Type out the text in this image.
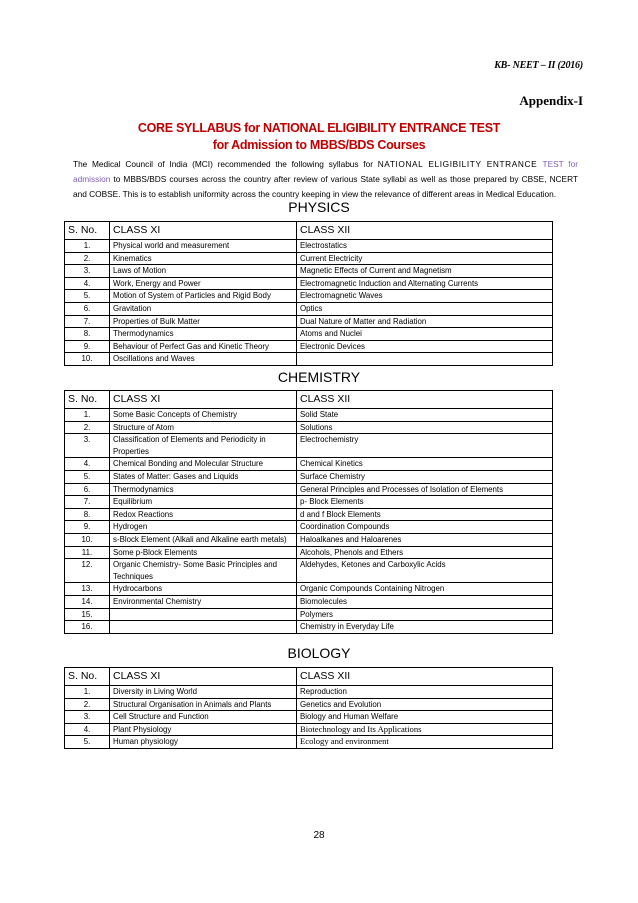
KB- NEET – II (2016)
Appendix-I
CORE SYLLABUS for NATIONAL ELIGIBILITY ENTRANCE TEST
for Admission to MBBS/BDS Courses
The Medical Council of India (MCI) recommended the following syllabus for NATIONAL ELIGIBILITY ENTRANCE TEST for admission to MBBS/BDS courses across the country after review of various State syllabi as well as those prepared by CBSE, NCERT and COBSE. This is to establish uniformity across the country keeping in view the relevance of different areas in Medical Education.
PHYSICS
S. No.	CLASS XI	CLASS XII
1.	Physical world and measurement	Electrostatics
2.	Kinematics	Current Electricity
3.	Laws of Motion	Magnetic Effects of Current and Magnetism
4.	Work, Energy and Power	Electromagnetic Induction and Alternating Currents
5.	Motion of System of Particles and Rigid Body	Electromagnetic Waves
6.	Gravitation	Optics
7.	Properties of Bulk Matter	Dual Nature of Matter and Radiation
8.	Thermodynamics	Atoms and Nuclei
9.	Behaviour of Perfect Gas and Kinetic Theory	Electronic Devices
10.	Oscillations and Waves	
CHEMISTRY
S. No.	CLASS XI	CLASS XII
1.	Some Basic Concepts of Chemistry	Solid State
2.	Structure of Atom	Solutions
3.	Classification of Elements and Periodicity in Properties	Electrochemistry
4.	Chemical Bonding and Molecular Structure	Chemical Kinetics
5.	States of Matter: Gases and Liquids	Surface Chemistry
6.	Thermodynamics	General Principles and Processes of Isolation of Elements
7.	Equilibrium	p- Block Elements
8.	Redox Reactions	d and f Block Elements
9.	Hydrogen	Coordination Compounds
10.	s-Block Element (Alkali and Alkaline earth metals)	Haloalkanes and Haloarenes
11.	Some p-Block Elements	Alcohols, Phenols and Ethers
12.	Organic Chemistry- Some Basic Principles and Techniques	Aldehydes, Ketones and Carboxylic Acids
13.	Hydrocarbons	Organic Compounds Containing Nitrogen
14.	Environmental Chemistry	Biomolecules
15.		Polymers
16.		Chemistry in Everyday Life
BIOLOGY
S. No.	CLASS XI	CLASS XII
1.	Diversity in Living World	Reproduction
2.	Structural Organisation in Animals and Plants	Genetics and Evolution
3.	Cell Structure and Function	Biology and Human Welfare
4.	Plant Physiology	Biotechnology and Its Applications
5.	Human physiology	Ecology and environment
28
